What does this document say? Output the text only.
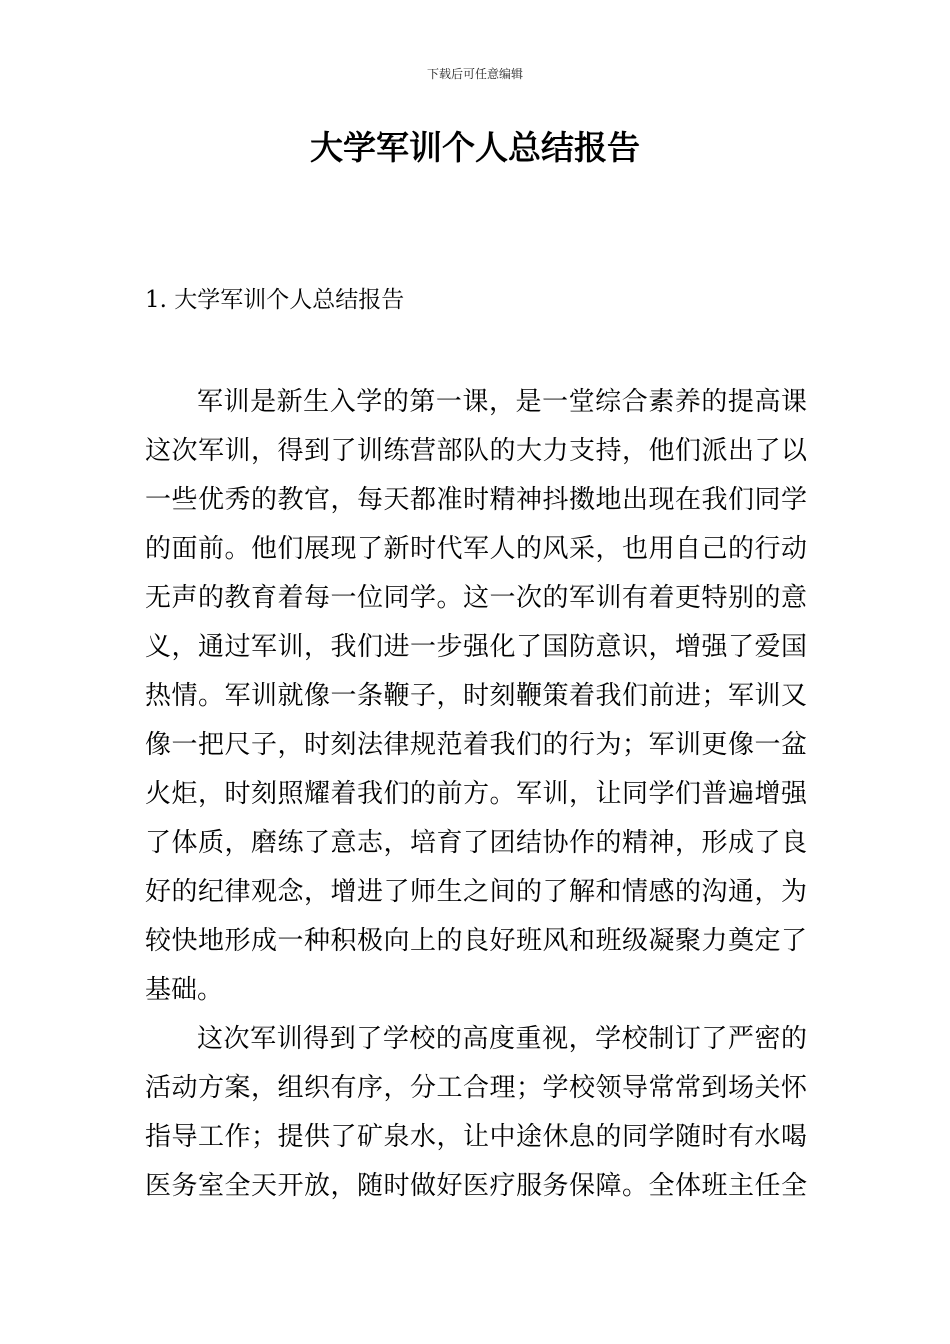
下载后可任意编辑
大学军训个人总结报告
1. 大学军训个人总结报告

军训是新生入学的第一课，是一堂综合素养的提高课
这次军训，得到了训练营部队的大力支持，他们派出了以
一些优秀的教官，每天都准时精神抖擞地出现在我们同学
的面前。他们展现了新时代军人的风采，也用自己的行动
无声的教育着每一位同学。这一次的军训有着更特别的意
义，通过军训，我们进一步强化了国防意识，增强了爱国
热情。军训就像一条鞭子，时刻鞭策着我们前进；军训又
像一把尺子，时刻法律规范着我们的行为；军训更像一盆
火炬，时刻照耀着我们的前方。军训，让同学们普遍增强
了体质，磨练了意志，培育了团结协作的精神，形成了良
好的纪律观念，增进了师生之间的了解和情感的沟通，为
较快地形成一种积极向上的良好班风和班级凝聚力奠定了
基础。

这次军训得到了学校的高度重视，学校制订了严密的
活动方案，组织有序，分工合理；学校领导常常到场关怀
指导工作；提供了矿泉水，让中途休息的同学随时有水喝
医务室全天开放，随时做好医疗服务保障。全体班主任全
